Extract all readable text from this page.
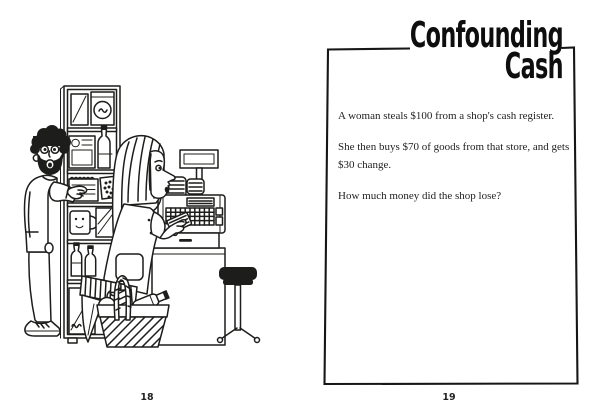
18
Confounding
Cash

A woman steals $100 from a shop's cash register.

She then buys $70 of goods from that store, and gets $30 change.

How much money did the shop lose?

19
